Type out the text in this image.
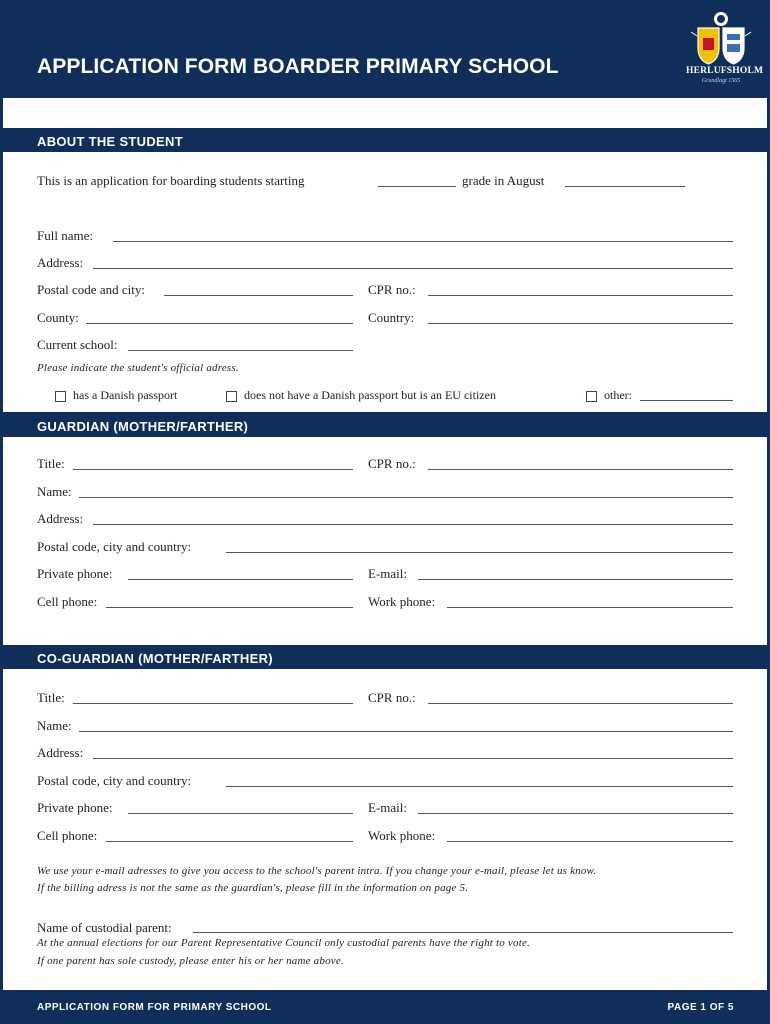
APPLICATION FORM BOARDER PRIMARY SCHOOL	HERLUFSHOLM
Grundlagt 1565
ABOUT THE STUDENT
This is an application for boarding students starting	grade in August
Full name:
Address:
Postal code and city:	CPR no.:
County:	Country:
Current school:
Please indicate the student's official adress.
has a Danish passport	does not have a Danish passport but is an EU citizen	other:
GUARDIAN (MOTHER/FARTHER)
Title:	CPR no.:
Name:
Address:
Postal code, city and country:
Private phone:	E-mail:
Cell phone:	Work phone:
CO-GUARDIAN (MOTHER/FARTHER)
Title:	CPR no.:
Name:
Address:
Postal code, city and country:
Private phone:	E-mail:
Cell phone:	Work phone:
We use your e-mail adresses to give you access to the school's parent intra. If you change your e-mail, please let us know.
If the billing adress is not the same as the guardian's, please fill in the information on page 5.
Name of custodial parent:
At the annual elections for our Parent Representative Council only custodial parents have the right to vote.
If one parent has sole custody, please enter his or her name above.
APPLICATION FORM FOR PRIMARY SCHOOL	PAGE 1 OF 5
